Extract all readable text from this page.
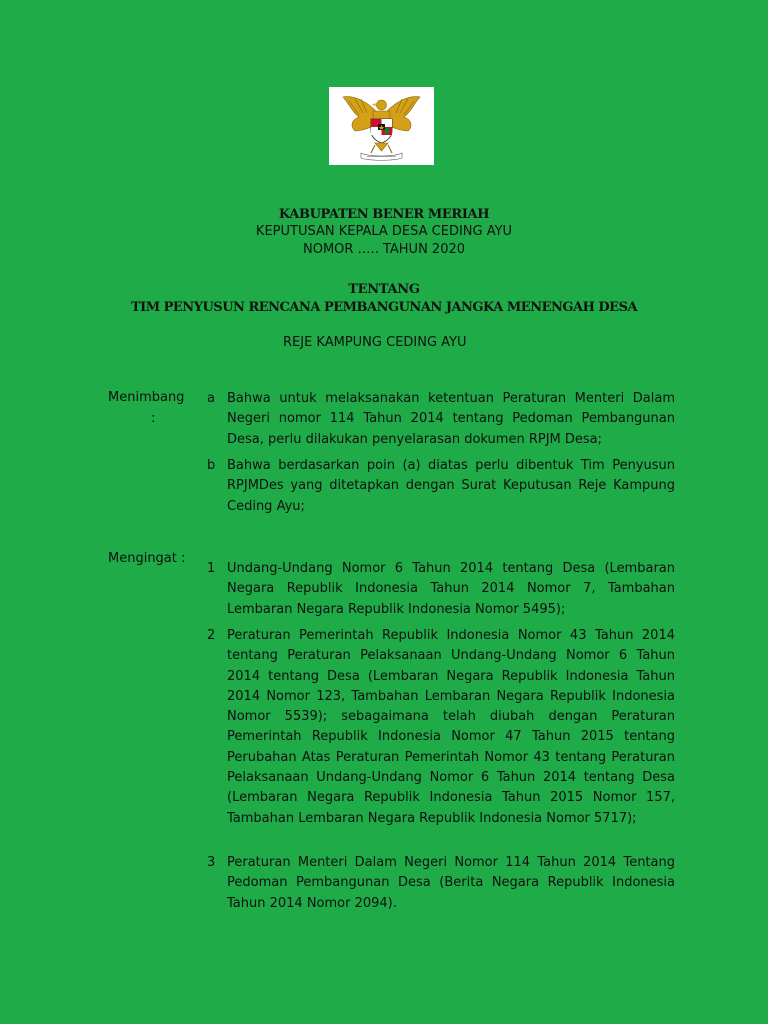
KABUPATEN BENER MERIAH
KEPUTUSAN KEPALA DESA CEDING AYU
NOMOR ….. TAHUN 2020
TENTANG
TIM PENYUSUN RENCANA PEMBANGUNAN JANGKA MENENGAH DESA
REJE KAMPUNG CEDING AYU
Menimbang
:
a Bahwa untuk melaksanakan ketentuan Peraturan Menteri Dalam Negeri nomor 114 Tahun 2014 tentang Pedoman Pembangunan Desa, perlu dilakukan penyelarasan dokumen RPJM Desa;
b Bahwa berdasarkan poin (a) diatas perlu dibentuk Tim Penyusun RPJMDes yang ditetapkan dengan Surat Keputusan Reje Kampung Ceding Ayu;
Mengingat :
1 Undang-Undang Nomor 6 Tahun 2014 tentang Desa (Lembaran Negara Republik Indonesia Tahun 2014 Nomor 7, Tambahan Lembaran Negara Republik Indonesia Nomor 5495);
2 Peraturan Pemerintah Republik Indonesia Nomor 43 Tahun 2014 tentang Peraturan Pelaksanaan Undang-Undang Nomor 6 Tahun 2014 tentang Desa (Lembaran Negara Republik Indonesia Tahun 2014 Nomor 123, Tambahan Lembaran Negara Republik Indonesia Nomor 5539); sebagaimana telah diubah dengan Peraturan Pemerintah Republik Indonesia Nomor 47 Tahun 2015 tentang Perubahan Atas Peraturan Pemerintah Nomor 43 tentang Peraturan Pelaksanaan Undang-Undang Nomor 6 Tahun 2014 tentang Desa (Lembaran Negara Republik Indonesia Tahun 2015 Nomor 157, Tambahan Lembaran Negara Republik Indonesia Nomor 5717);
3 Peraturan Menteri Dalam Negeri Nomor 114 Tahun 2014 Tentang Pedoman Pembangunan Desa (Berita Negara Republik Indonesia Tahun 2014 Nomor 2094).
